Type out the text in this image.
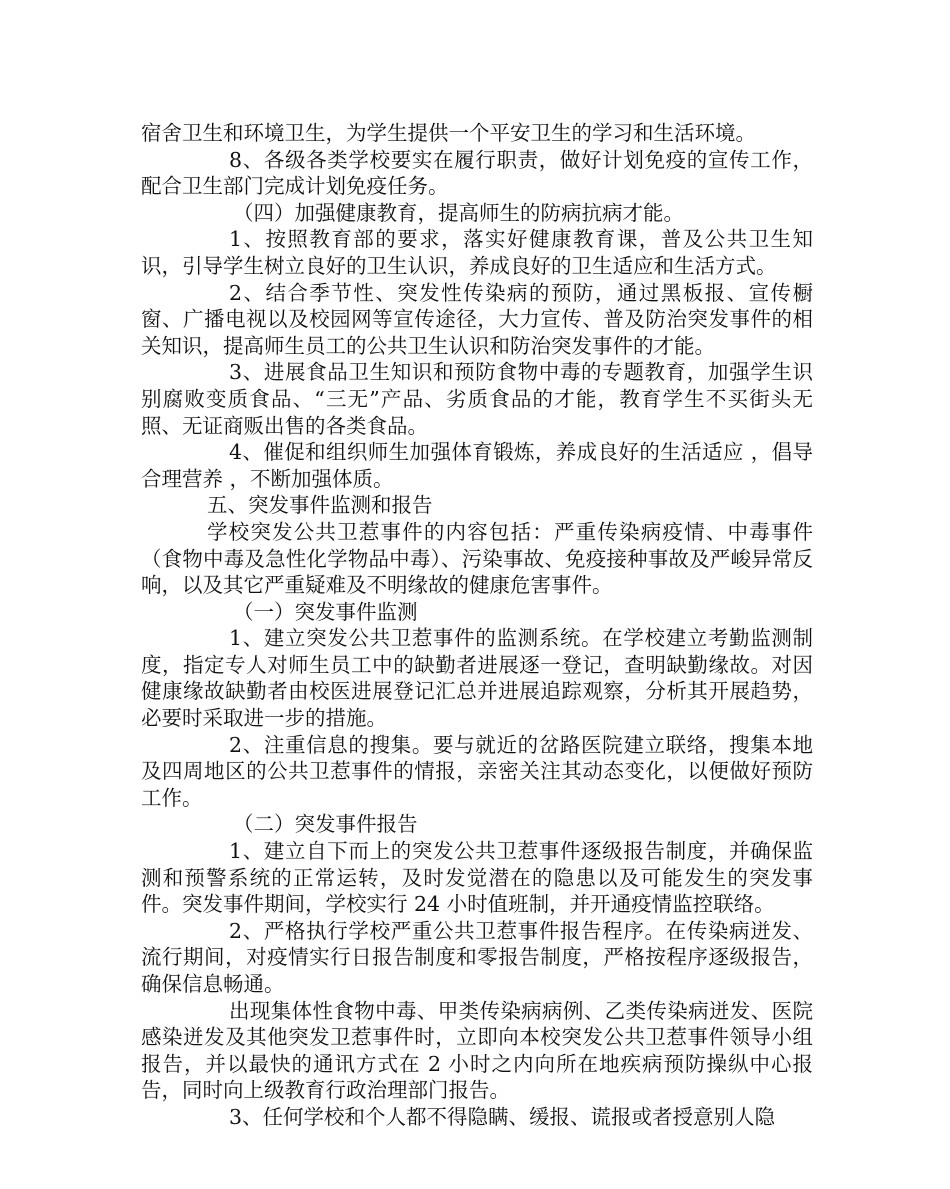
宿舍卫生和环境卫生，为学生提供一个平安卫生的学习和生活环境。

8、各级各类学校要实在履行职责，做好计划免疫的宣传工作，配合卫生部门完成计划免疫任务。

（四）加强健康教育，提高师生的防病抗病才能。

1、按照教育部的要求，落实好健康教育课，普及公共卫生知识，引导学生树立良好的卫生认识，养成良好的卫生适应和生活方式。

2、结合季节性、突发性传染病的预防，通过黑板报、宣传橱窗、广播电视以及校园网等宣传途径，大力宣传、普及防治突发事件的相关知识，提高师生员工的公共卫生认识和防治突发事件的才能。

3、进展食品卫生知识和预防食物中毒的专题教育，加强学生识别腐败变质食品、“三无”产品、劣质食品的才能，教育学生不买街头无照、无证商贩出售的各类食品。

4、催促和组织师生加强体育锻炼，养成良好的生活适应 ，倡导合理营养 ，不断加强体质。

五、突发事件监测和报告

学校突发公共卫惹事件的内容包括：严重传染病疫情、中毒事件（食物中毒及急性化学物品中毒）、污染事故、免疫接种事故及严峻异常反响，以及其它严重疑难及不明缘故的健康危害事件。

（一）突发事件监测

1、建立突发公共卫惹事件的监测系统。在学校建立考勤监测制度，指定专人对师生员工中的缺勤者进展逐一登记，查明缺勤缘故。对因健康缘故缺勤者由校医进展登记汇总并进展追踪观察，分析其开展趋势，必要时采取进一步的措施。

2、注重信息的搜集。要与就近的岔路医院建立联络，搜集本地及四周地区的公共卫惹事件的情报，亲密关注其动态变化，以便做好预防工作。

（二）突发事件报告

1、建立自下而上的突发公共卫惹事件逐级报告制度，并确保监测和预警系统的正常运转，及时发觉潜在的隐患以及可能发生的突发事件。突发事件期间，学校实行 24 小时值班制，并开通疫情监控联络。

2、严格执行学校严重公共卫惹事件报告程序。在传染病迸发、流行期间，对疫情实行日报告制度和零报告制度，严格按程序逐级报告，确保信息畅通。

出现集体性食物中毒、甲类传染病病例、乙类传染病迸发、医院感染迸发及其他突发卫惹事件时，立即向本校突发公共卫惹事件领导小组报告，并以最快的通讯方式在 2 小时之内向所在地疾病预防操纵中心报告，同时向上级教育行政治理部门报告。

3、任何学校和个人都不得隐瞒、缓报、谎报或者授意别人隐
